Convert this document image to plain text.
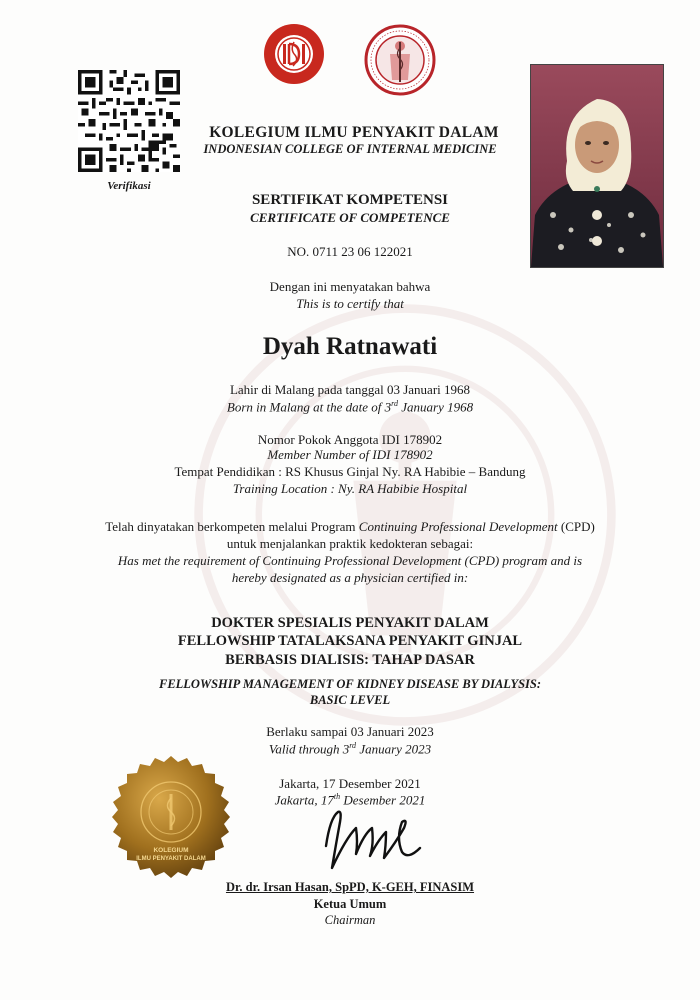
Verifikasi
KOLEGIUM ILMU PENYAKIT DALAM
INDONESIAN COLLEGE OF INTERNAL MEDICINE
SERTIFIKAT KOMPETENSI
CERTIFICATE OF COMPETENCE
NO. 0711 23 06 122021
Dengan ini menyatakan bahwa
This is to certify that
Dyah Ratnawati
Lahir di Malang pada tanggal 03 Januari 1968
Born in Malang at the date of 3rd January 1968
Nomor Pokok Anggota IDI 178902
Member Number of IDI 178902
Tempat Pendidikan : RS Khusus Ginjal Ny. RA Habibie – Bandung
Training Location : Ny. RA Habibie Hospital
Telah dinyatakan berkompeten melalui Program Continuing Professional Development (CPD)
untuk menjalankan praktik kedokteran sebagai:
Has met the requirement of Continuing Professional Development (CPD) program and is
hereby designated as a physician certified in:
DOKTER SPESIALIS PENYAKIT DALAM
FELLOWSHIP TATALAKSANA PENYAKIT GINJAL
BERBASIS DIALISIS: TAHAP DASAR
FELLOWSHIP MANAGEMENT OF KIDNEY DISEASE BY DIALYSIS:
BASIC LEVEL
Berlaku sampai 03 Januari 2023
Valid through 3rd January 2023
Jakarta, 17 Desember 2021
Jakarta, 17th Desember 2021
KOLEGIUM
ILMU PENYAKIT DALAM
Dr. dr. Irsan Hasan, SpPD, K-GEH, FINASIM
Ketua Umum
Chairman
